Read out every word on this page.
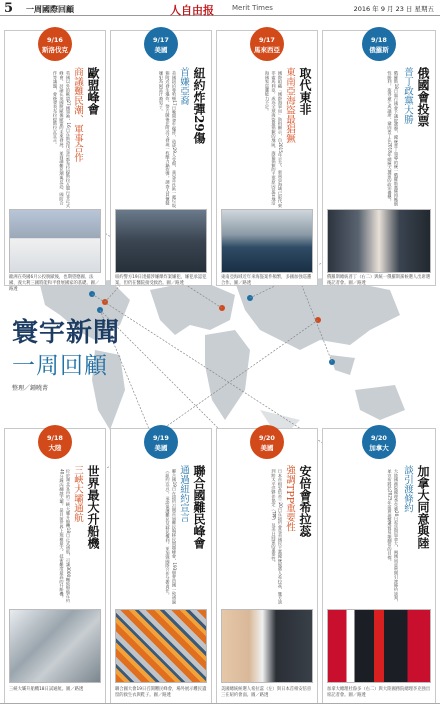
5 一周國際回顧	人自由报	Merit Times	2016 年 9 月 23 日 星期五
寰宇新聞
一周回顧
整理／鍾曉菁
9/16
斯洛伐克
歐盟峰會
商議難民潮、軍事合作
英國以外的歐盟27國領袖，16日在斯洛伐克首都布拉提斯拉瓦舉行非正式峰會，討論在英國脫歐後歐盟的未來發展，並商議難民潮與反恐、國防合作等議題，會後發表布拉提斯拉瓦宣言。
歐洲在英國6月公投脫歐後，也期望德國、法國、義大利三國將能和平發展國家的基礎。圖／路透
9/17
美國
紐約炸彈29傷
首嫌亞裔
美國紐約曼哈頓17日晚間發生爆炸，造成29人受傷，雀兒喜社區一處垃圾箱附近發生爆炸，警方隨後在附近又發現一枚壓力鍋炸彈，調查人員懷疑嫌犯為阿富汗裔男子。
紐約警方19日逮捕涉嫌爆炸案嫌犯，嫌犯承認犯案，但仍在醫院接受救治。圖／路透
9/17
馬來西亞
取代東非
東南亞海盜最猖獗
國際組織「國際海事局」資料顯示，自2015年至今，東南亞海域已取代東非索馬利亞，成為全球海盜最猖獗的地區。海盜猖獗的主要原因是當地沿海國家巡邏能力不足。
東南亞海域近年來海盜案件頻繁，多國加強巡邏合作。圖／路透
9/18
俄羅斯
俄國會投票
普丁政黨大勝
俄羅斯18日舉行國會下議院選舉，總統普丁領導的統一俄羅斯黨獲得壓倒性勝利，取得逾七成議席，鞏固普丁在2018年總統大選前的政治優勢。
俄羅斯總統普丁（右二）與統一俄羅斯黨候選人出席選後記者會。圖／路透
9/18
大陸
世界最大升船機
三峽大壩通航
位於湖北宜昌的三峽大壩升船機18日正式通航，可讓3000噸級船舶在約40分鐘內翻越大壩，是目前世界上規模最大、技術難度最高的升船機。
三峽大壩升船機18日試通航。圖／路透
9/19
美國
聯合國難民峰會
通過紐約宣言
聯合國19日在紐約召開首屆難民與移民問題峰會，193個會員國一致通過《紐約宣言》，承諾保護難民及移民權利，並加強國際合作分擔責任。
聯合國大會19日召開難民峰會，場外展示難民遺留的救生衣與鞋子。圖／路透
9/20
美國
安倍會希拉蕊
強調TPP重要性
日本首相安倍晉三20日在紐約會見美國民主黨總統候選人希拉蕊，雙方談到跨太平洋夥伴協定（TPP）及美日同盟的重要性。
美國總統候選人希拉蕊（左）與日本首相安倍晉三在紐約會面。圖／路透
9/20
加拿大
加拿大同意與陸
談引渡條約
大陸國務院總理李克強20日起訪問加拿大，兩國同意展開引渡條約談判，並宣布將於2025年前實現雙邊貿易額翻倍的目標。
加拿大總理杜魯多（右二）與大陸國務院總理李克強出席記者會。圖／路透
